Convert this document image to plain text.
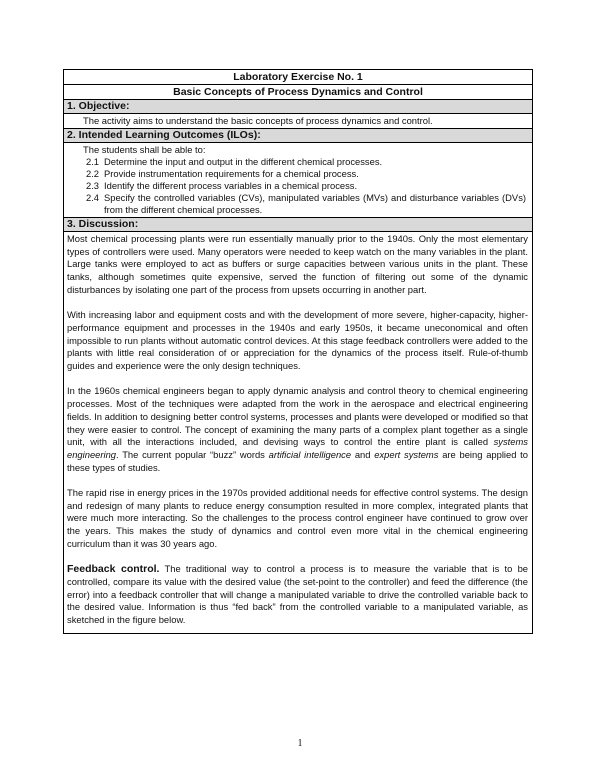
Laboratory Exercise No. 1
Basic Concepts of Process Dynamics and Control
1. Objective:
The activity aims to understand the basic concepts of process dynamics and control.
2. Intended Learning Outcomes (ILOs):
The students shall be able to:
2.1 Determine the input and output in the different chemical processes.
2.2 Provide instrumentation requirements for a chemical process.
2.3 Identify the different process variables in a chemical process.
2.4 Specify the controlled variables (CVs), manipulated variables (MVs) and disturbance variables (DVs) from the different chemical processes.
3. Discussion:

Most chemical processing plants were run essentially manually prior to the 1940s. Only the most elementary types of controllers were used. Many operators were needed to keep watch on the many variables in the plant. Large tanks were employed to act as buffers or surge capacities between various units in the plant. These tanks, although sometimes quite expensive, served the function of filtering out some of the dynamic disturbances by isolating one part of the process from upsets occurring in another part.

With increasing labor and equipment costs and with the development of more severe, higher-capacity, higher-performance equipment and processes in the 1940s and early 1950s, it became uneconomical and often impossible to run plants without automatic control devices. At this stage feedback controllers were added to the plants with little real consideration of or appreciation for the dynamics of the process itself. Rule-of-thumb guides and experience were the only design techniques.

In the 1960s chemical engineers began to apply dynamic analysis and control theory to chemical engineering processes. Most of the techniques were adapted from the work in the aerospace and electrical engineering fields. In addition to designing better control systems, processes and plants were developed or modified so that they were easier to control. The concept of examining the many parts of a complex plant together as a single unit, with all the interactions included, and devising ways to control the entire plant is called systems engineering. The current popular “buzz” words artificial intelligence and expert systems are being applied to these types of studies.

The rapid rise in energy prices in the 1970s provided additional needs for effective control systems. The design and redesign of many plants to reduce energy consumption resulted in more complex, integrated plants that were much more interacting. So the challenges to the process control engineer have continued to grow over the years. This makes the study of dynamics and control even more vital in the chemical engineering curriculum than it was 30 years ago.

Feedback control. The traditional way to control a process is to measure the variable that is to be controlled, compare its value with the desired value (the set-point to the controller) and feed the difference (the error) into a feedback controller that will change a manipulated variable to drive the controlled variable back to the desired value. Information is thus “fed back” from the controlled variable to a manipulated variable, as sketched in the figure below.

1
